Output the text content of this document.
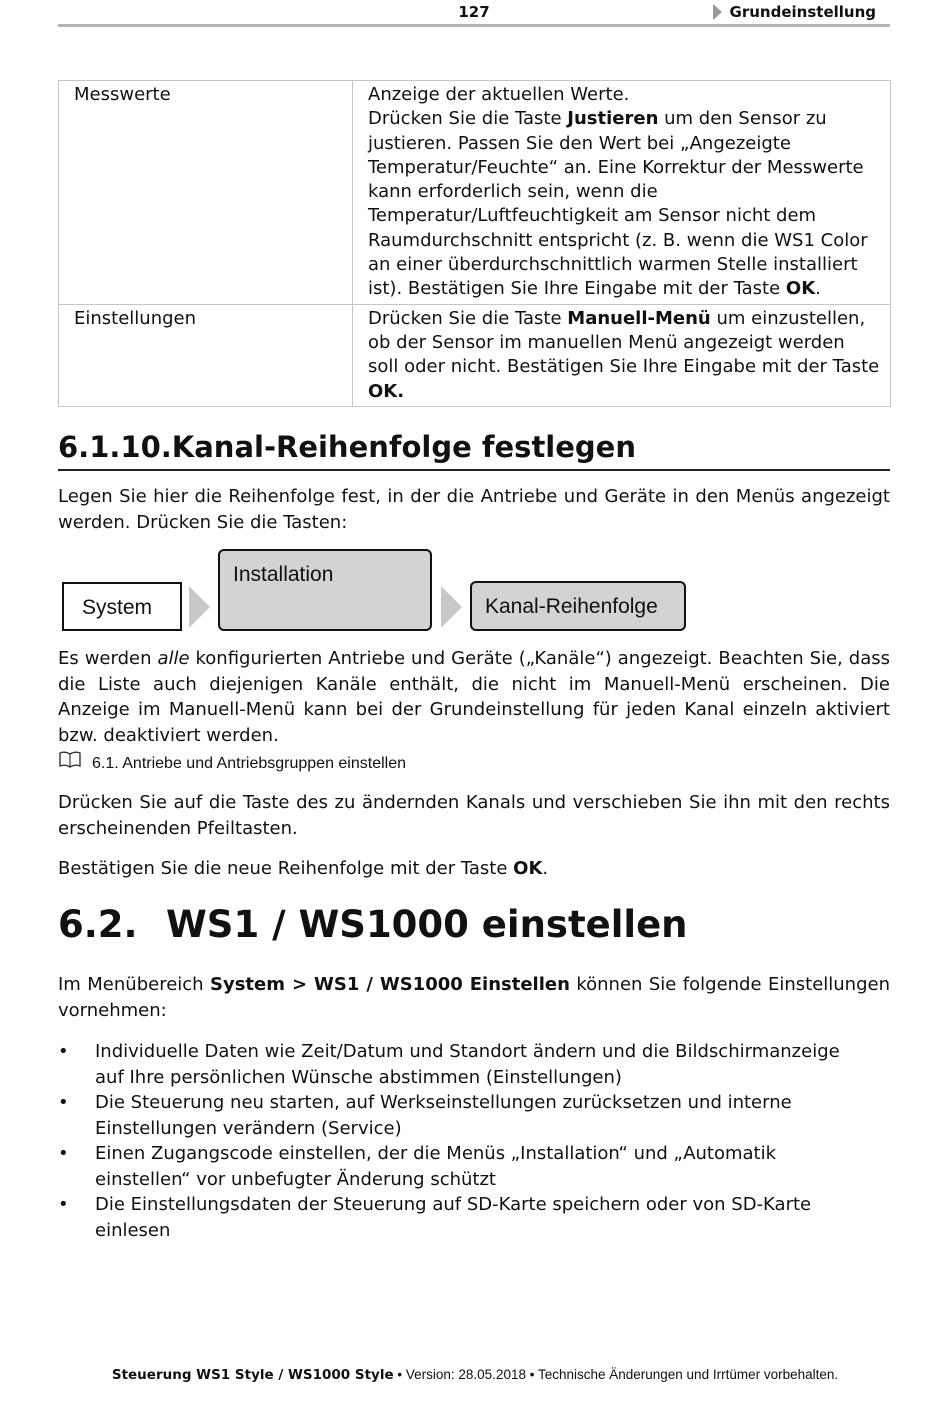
127	Grundeinstellung
Messwerte	Anzeige der aktuellen Werte.
Drücken Sie die Taste Justieren um den Sensor zu justieren. Passen Sie den Wert bei „Angezeigte Temperatur/Feuchte“ an. Eine Korrektur der Messwerte kann erforderlich sein, wenn die Temperatur/Luftfeuchtigkeit am Sensor nicht dem Raumdurchschnitt entspricht (z. B. wenn die WS1 Color an einer überdurchschnittlich warmen Stelle installiert ist). Bestätigen Sie Ihre Eingabe mit der Taste OK.
Einstellungen	Drücken Sie die Taste Manuell-Menü um einzustellen, ob der Sensor im manuellen Menü angezeigt werden soll oder nicht. Bestätigen Sie Ihre Eingabe mit der Taste OK.
6.1.10.Kanal-Reihenfolge festlegen

Legen Sie hier die Reihenfolge fest, in der die Antriebe und Geräte in den Menüs angezeigt werden. Drücken Sie die Tasten:

System
Installation
Kanal-Reihenfolge

Es werden alle konfigurierten Antriebe und Geräte („Kanäle“) angezeigt. Beachten Sie, dass die Liste auch diejenigen Kanäle enthält, die nicht im Manuell-Menü erscheinen. Die Anzeige im Manuell-Menü kann bei der Grundeinstellung für jeden Kanal einzeln aktiviert bzw. deaktiviert werden.

6.1. Antriebe und Antriebsgruppen einstellen

Drücken Sie auf die Taste des zu ändernden Kanals und verschieben Sie ihn mit den rechts erscheinenden Pfeiltasten.

Bestätigen Sie die neue Reihenfolge mit der Taste OK.

6.2. WS1 / WS1000 einstellen

Im Menübereich System > WS1 / WS1000 Einstellen können Sie folgende Einstellungen vornehmen:

• Individuelle Daten wie Zeit/Datum und Standort ändern und die Bildschirmanzeige auf Ihre persönlichen Wünsche abstimmen (Einstellungen)
• Die Steuerung neu starten, auf Werkseinstellungen zurücksetzen und interne Einstellungen verändern (Service)
• Einen Zugangscode einstellen, der die Menüs „Installation“ und „Automatik einstellen“ vor unbefugter Änderung schützt
• Die Einstellungsdaten der Steuerung auf SD-Karte speichern oder von SD-Karte einlesen
Steuerung WS1 Style / WS1000 Style • Version: 28.05.2018 • Technische Änderungen und Irrtümer vorbehalten.
